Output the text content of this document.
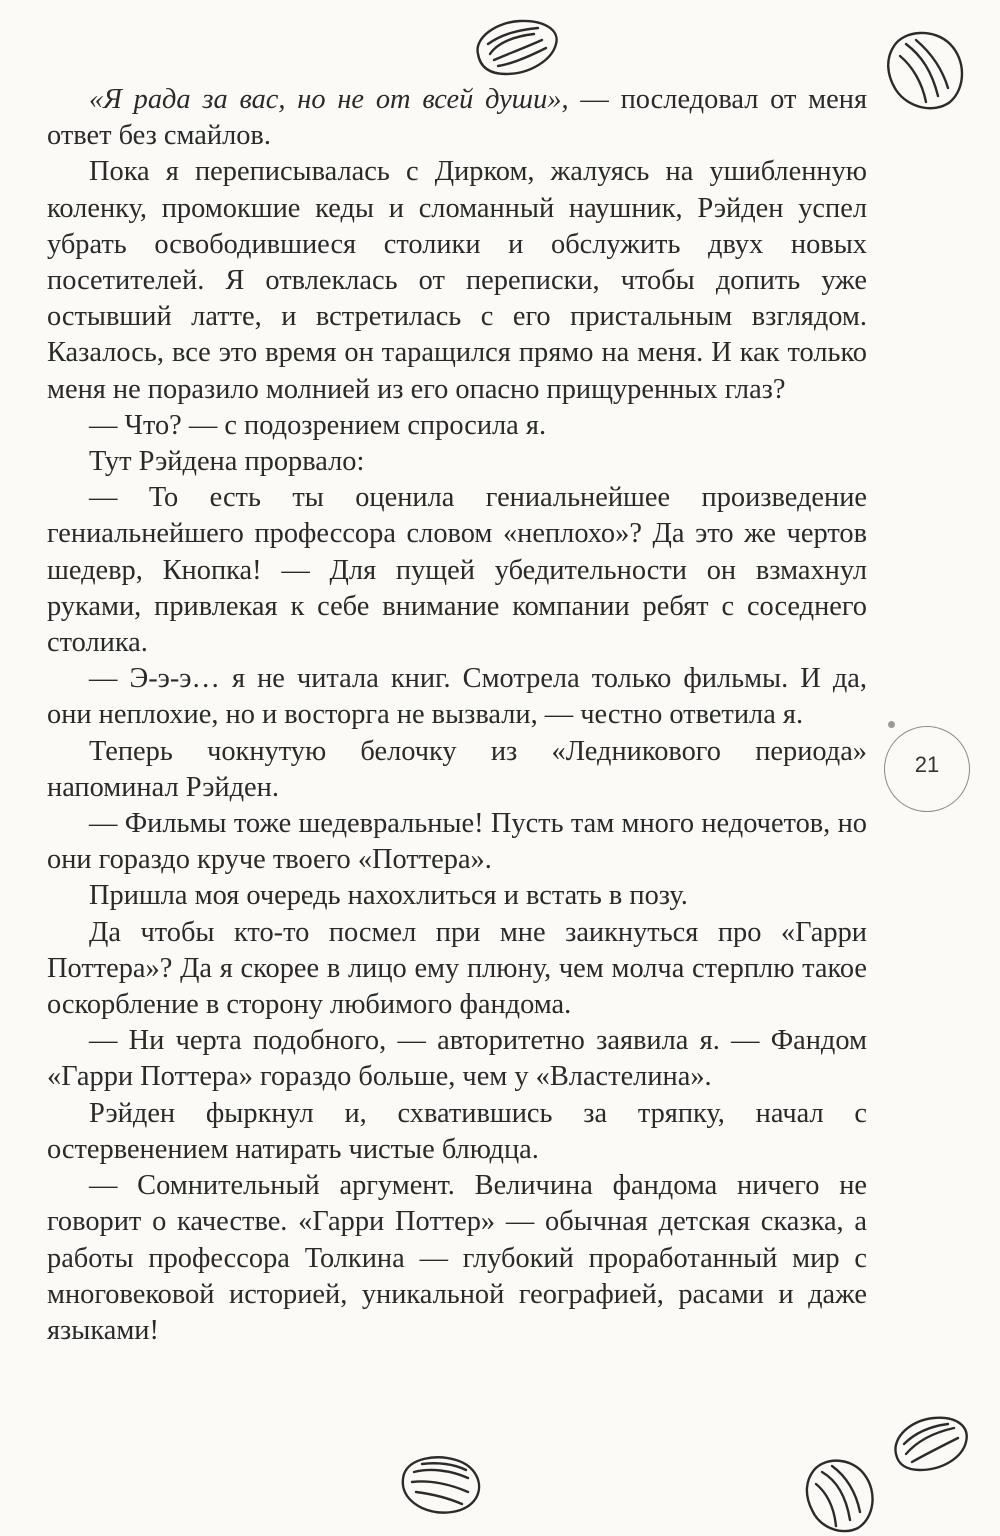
21

«Я рада за вас, но не от всей души», — последовал от меня ответ без смайлов.

Пока я переписывалась с Дирком, жалуясь на ушибленную коленку, промокшие кеды и сломанный наушник, Рэйден успел убрать освободившиеся столики и обслужить двух новых посетителей. Я отвлеклась от переписки, чтобы допить уже остывший латте, и встретилась с его пристальным взглядом. Казалось, все это время он таращился прямо на меня. И как только меня не поразило молнией из его опасно прищуренных глаз?

— Что? — с подозрением спросила я.

Тут Рэйдена прорвало:

— То есть ты оценила гениальнейшее произведение гениальнейшего профессора словом «неплохо»? Да это же чертов шедевр, Кнопка! — Для пущей убедительности он взмахнул руками, привлекая к себе внимание компании ребят с соседнего столика.

— Э-э-э… я не читала книг. Смотрела только фильмы. И да, они неплохие, но и восторга не вызвали, — честно ответила я.

Теперь чокнутую белочку из «Ледникового периода» напоминал Рэйден.

— Фильмы тоже шедевральные! Пусть там много недочетов, но они гораздо круче твоего «Поттера».

Пришла моя очередь нахохлиться и встать в позу.

Да чтобы кто-то посмел при мне заикнуться про «Гарри Поттера»? Да я скорее в лицо ему плюну, чем молча стерплю такое оскорбление в сторону любимого фандома.

— Ни черта подобного, — авторитетно заявила я. — Фандом «Гарри Поттера» гораздо больше, чем у «Властелина».

Рэйден фыркнул и, схватившись за тряпку, начал с остервенением натирать чистые блюдца.

— Сомнительный аргумент. Величина фандома ничего не говорит о качестве. «Гарри Поттер» — обычная детская сказка, а работы профессора Толкина — глубокий проработанный мир с многовековой историей, уникальной географией, расами и даже языками!
